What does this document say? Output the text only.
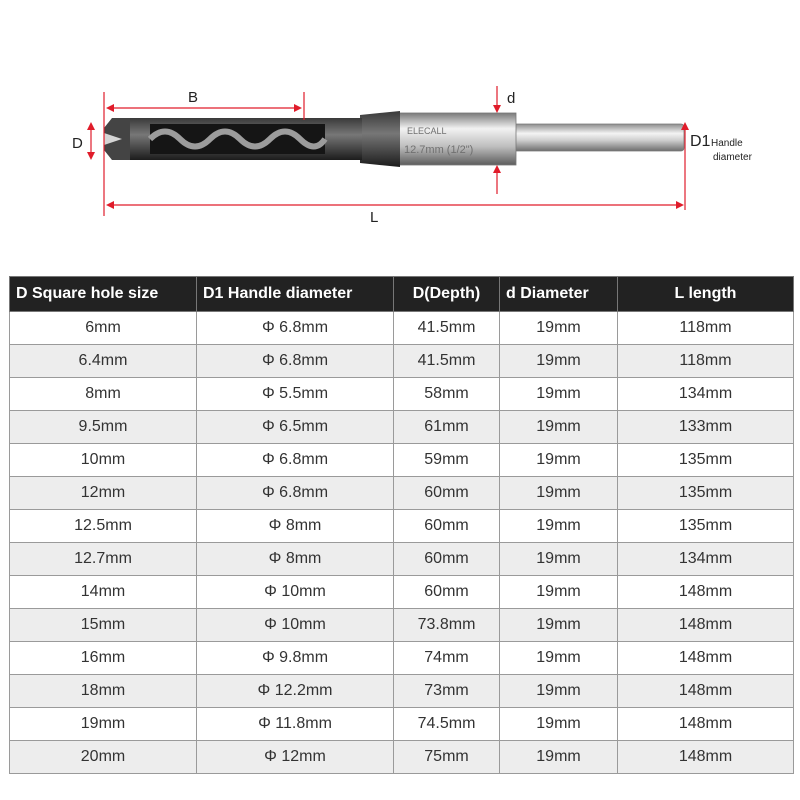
ELECALL
12.7mm (1/2")
B
D
d
D1 Handle
diameter
L
D Square hole size	D1 Handle diameter	D(Depth)	d Diameter	L length
6mm	Φ 6.8mm	41.5mm	19mm	118mm
6.4mm	Φ 6.8mm	41.5mm	19mm	118mm
8mm	Φ 5.5mm	58mm	19mm	134mm
9.5mm	Φ 6.5mm	61mm	19mm	133mm
10mm	Φ 6.8mm	59mm	19mm	135mm
12mm	Φ 6.8mm	60mm	19mm	135mm
12.5mm	Φ 8mm	60mm	19mm	135mm
12.7mm	Φ 8mm	60mm	19mm	134mm
14mm	Φ 10mm	60mm	19mm	148mm
15mm	Φ 10mm	73.8mm	19mm	148mm
16mm	Φ 9.8mm	74mm	19mm	148mm
18mm	Φ 12.2mm	73mm	19mm	148mm
19mm	Φ 11.8mm	74.5mm	19mm	148mm
20mm	Φ 12mm	75mm	19mm	148mm
